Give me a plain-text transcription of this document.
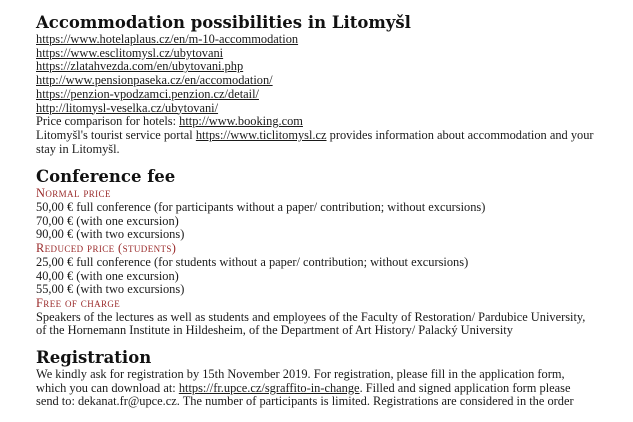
Accommodation possibilities in Litomyšl
https://www.hotelaplaus.cz/en/m-10-accommodation
https://www.esclitomysl.cz/ubytovani
https://zlatahvezda.com/en/ubytovani.php
http://www.pensionpaseka.cz/en/accomodation/
https://penzion-vpodzamci.penzion.cz/detail/
http://litomysl-veselka.cz/ubytovani/
Price comparison for hotels: http://www.booking.com
Litomyšl's tourist service portal https://www.ticlitomysl.cz provides information about accommodation and your stay in Litomyšl.
Conference fee
Normal price
50,00 € full conference (for participants without a paper/ contribution; without excursions)
70,00 € (with one excursion)
90,00 € (with two excursions)
Reduced price (students)
25,00 € full conference (for students without a paper/ contribution; without excursions)
40,00 € (with one excursion)
55,00 € (with two excursions)
Free of charge
Speakers of the lectures as well as students and employees of the Faculty of Restoration/ Pardubice University, of the Hornemann Institute in Hildesheim, of the Department of Art History/ Palacký University
Registration
We kindly ask for registration by 15th November 2019. For registration, please fill in the application form, which you can download at: https://fr.upce.cz/sgraffito-in-change. Filled and signed application form please send to: dekanat.fr@upce.cz. The number of participants is limited. Registrations are considered in the order
